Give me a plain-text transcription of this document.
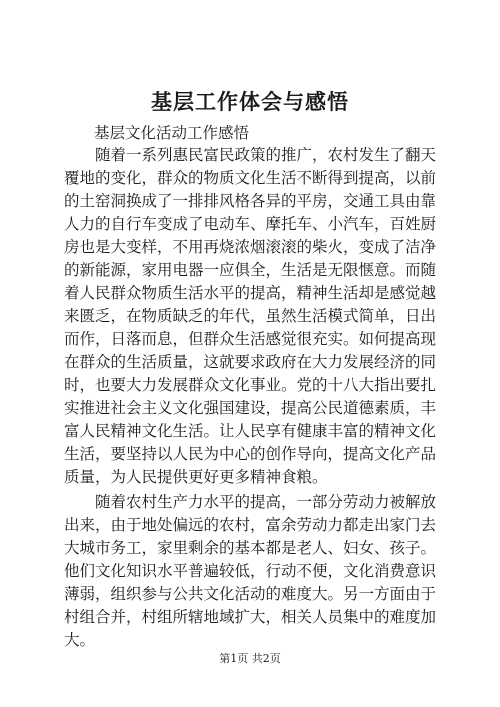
基层工作体会与感悟

基层文化活动工作感悟

随着一系列惠民富民政策的推广，农村发生了翻天覆地的变化，群众的物质文化生活不断得到提高，以前的土窑洞换成了一排排风格各异的平房，交通工具由靠人力的自行车变成了电动车、摩托车、小汽车，百姓厨房也是大变样，不用再烧浓烟滚滚的柴火，变成了洁净的新能源，家用电器一应俱全，生活是无限惬意。而随着人民群众物质生活水平的提高，精神生活却是感觉越来匮乏，在物质缺乏的年代，虽然生活模式简单，日出而作，日落而息，但群众生活感觉很充实。如何提高现在群众的生活质量，这就要求政府在大力发展经济的同时，也要大力发展群众文化事业。党的十八大指出要扎实推进社会主义文化强国建设，提高公民道德素质，丰富人民精神文化生活。让人民享有健康丰富的精神文化生活，要坚持以人民为中心的创作导向，提高文化产品质量，为人民提供更好更多精神食粮。

随着农村生产力水平的提高，一部分劳动力被解放出来，由于地处偏远的农村，富余劳动力都走出家门去大城市务工，家里剩余的基本都是老人、妇女、孩子。他们文化知识水平普遍较低，行动不便，文化消费意识薄弱，组织参与公共文化活动的难度大。另一方面由于村组合并，村组所辖地域扩大，相关人员集中的难度加大。

第1页 共2页
